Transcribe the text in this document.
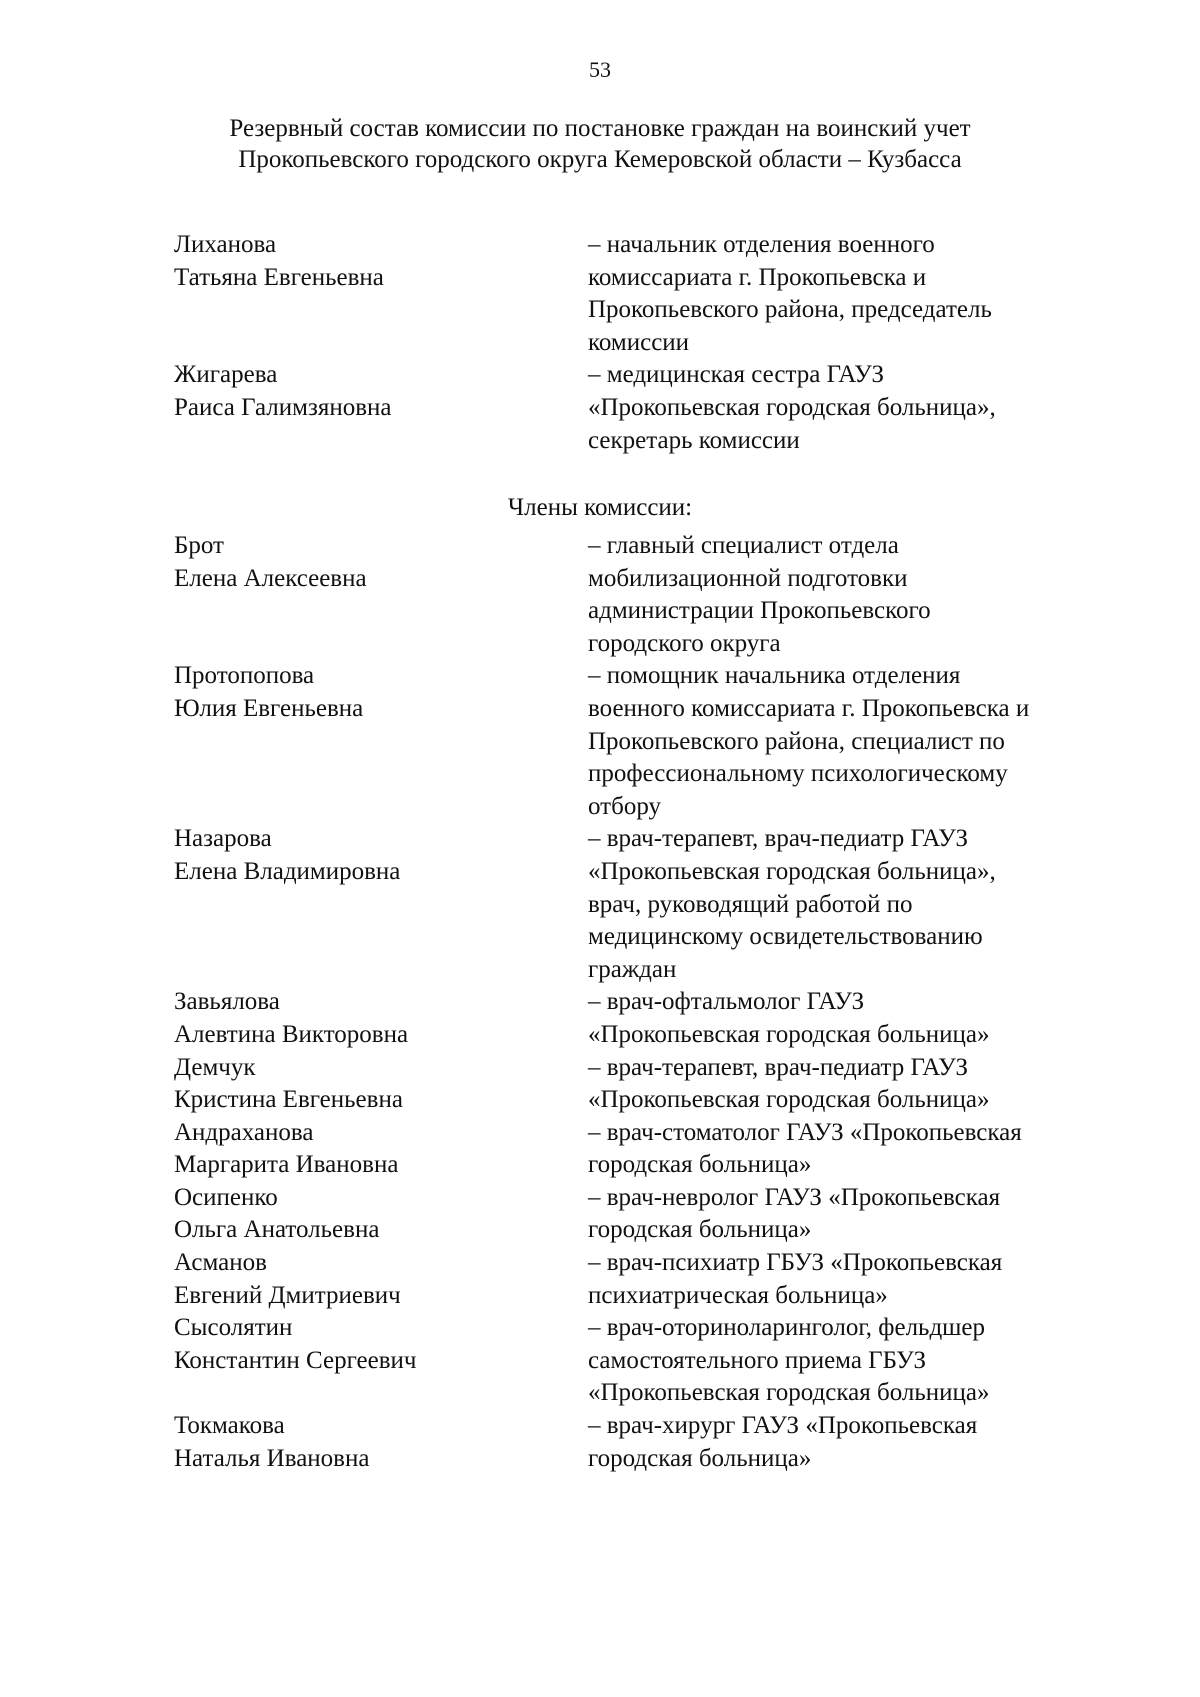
53
Резервный состав комиссии по постановке граждан на воинский учет
Прокопьевского городского округа Кемеровской области – Кузбасса
Лиханова
Татьяна Евгеньевна
– начальник отделения военного
комиссариата г. Прокопьевска и
Прокопьевского района, председатель
комиссии
Жигарева
Раиса Галимзяновна
– медицинская сестра ГАУЗ
«Прокопьевская городская больница»,
секретарь комиссии
Члены комиссии:
Брот
Елена Алексеевна
– главный специалист отдела
мобилизационной подготовки
администрации Прокопьевского
городского округа
Протопопова
Юлия Евгеньевна
– помощник начальника отделения
военного комиссариата г. Прокопьевска и
Прокопьевского района, специалист по
профессиональному психологическому
отбору
Назарова
Елена Владимировна
– врач-терапевт, врач-педиатр ГАУЗ
«Прокопьевская городская больница»,
врач, руководящий работой по
медицинскому освидетельствованию
граждан
Завьялова
Алевтина Викторовна
– врач-офтальмолог ГАУЗ
«Прокопьевская городская больница»
Демчук
Кристина Евгеньевна
– врач-терапевт, врач-педиатр ГАУЗ
«Прокопьевская городская больница»
Андраханова
Маргарита Ивановна
– врач-стоматолог ГАУЗ «Прокопьевская
городская больница»
Осипенко
Ольга Анатольевна
– врач-невролог ГАУЗ «Прокопьевская
городская больница»
Асманов
Евгений Дмитриевич
– врач-психиатр ГБУЗ «Прокопьевская
психиатрическая больница»
Сысолятин
Константин Сергеевич
– врач-оториноларинголог, фельдшер
самостоятельного приема ГБУЗ
«Прокопьевская городская больница»
Токмакова
Наталья Ивановна
– врач-хирург ГАУЗ «Прокопьевская
городская больница»
